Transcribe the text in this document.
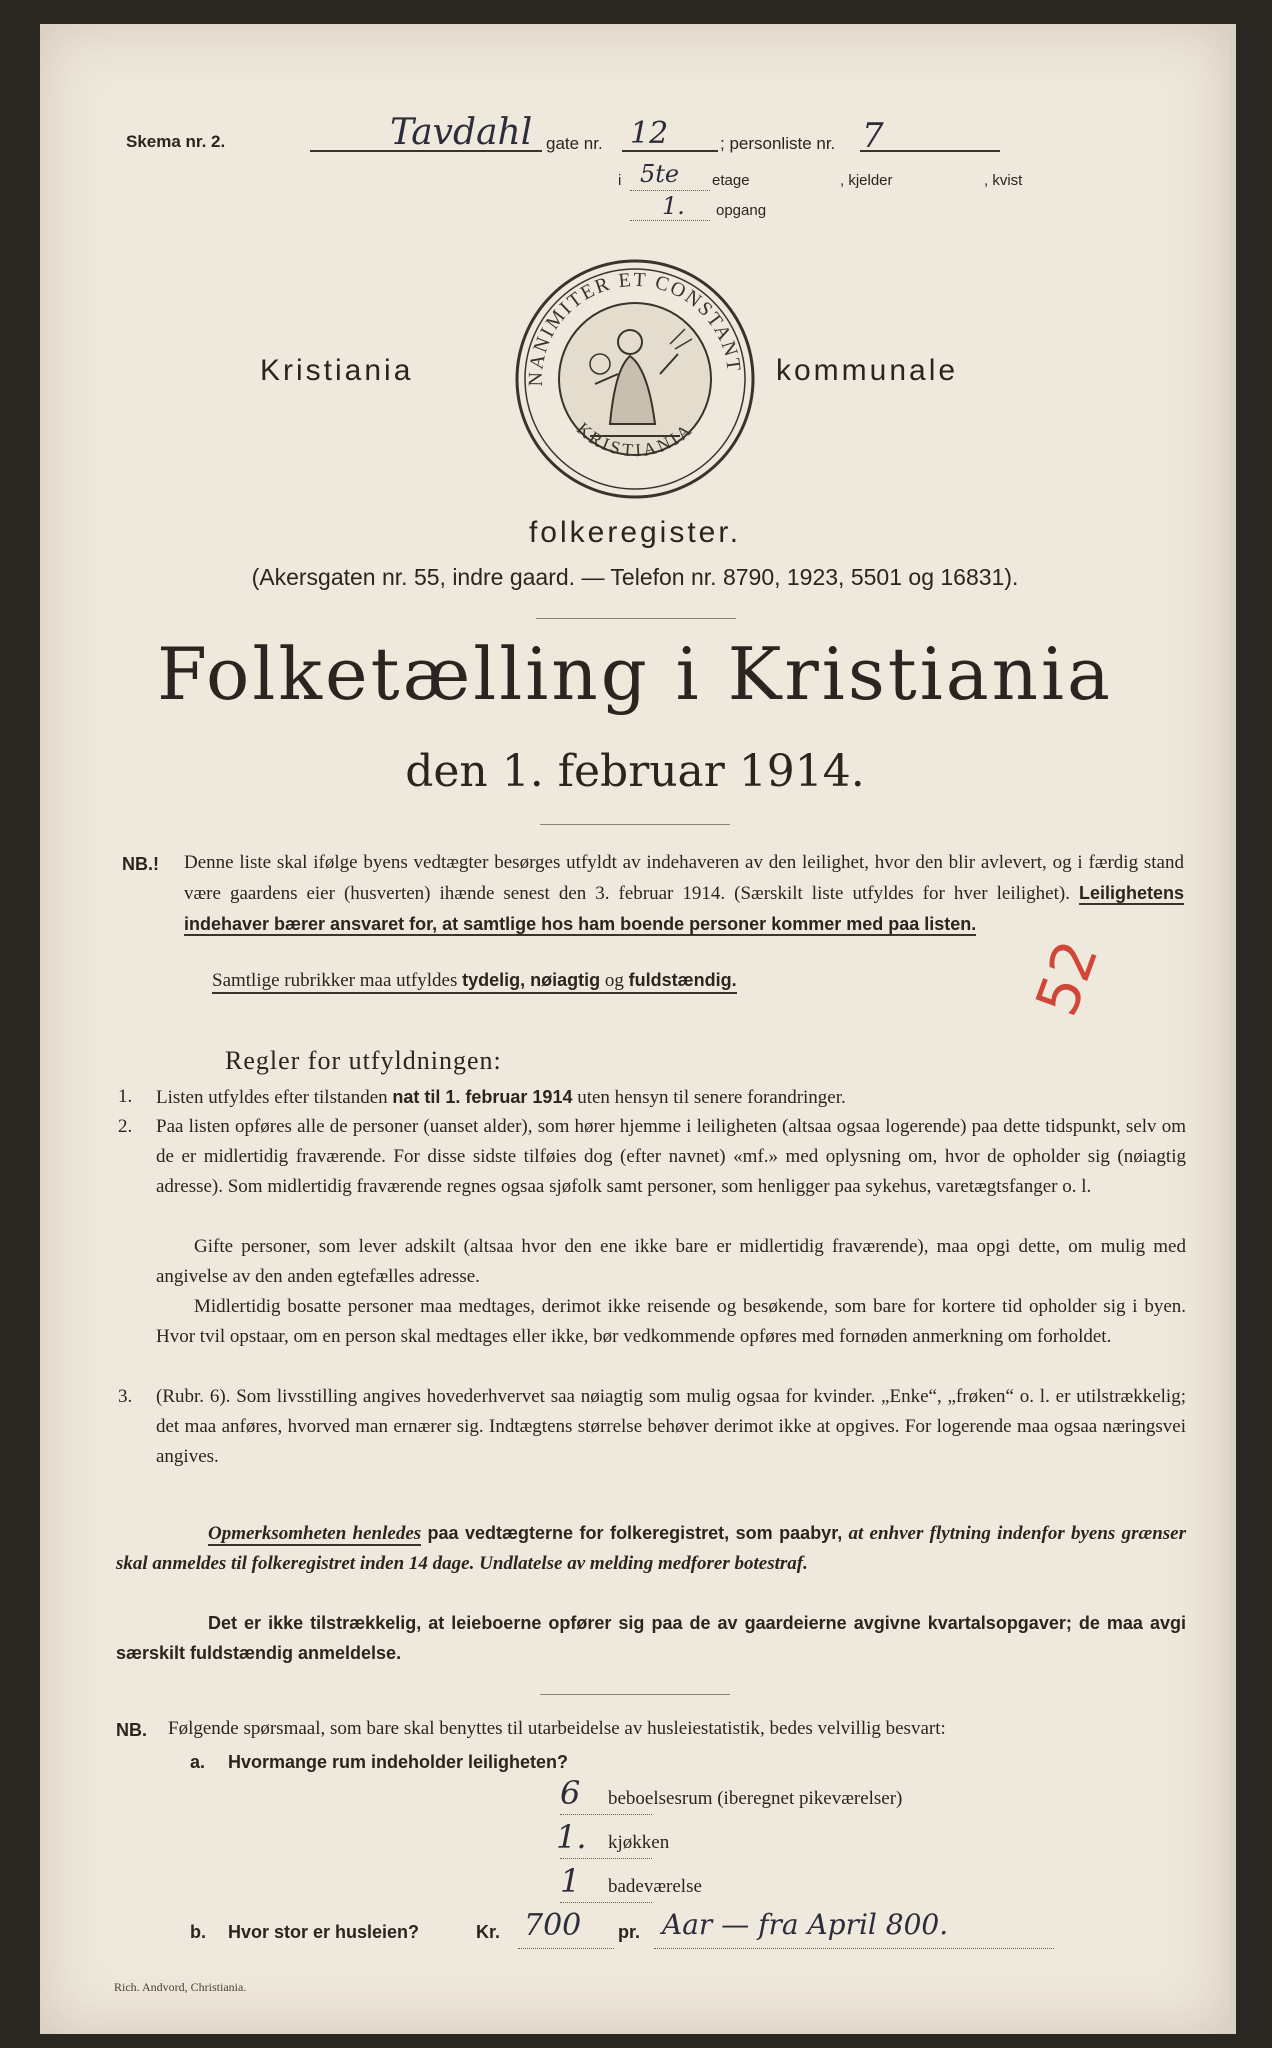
Skema nr. 2.	Tavdahl gate nr. 12	; personliste nr. 7
i 5te etage	, kjelder	, kvist
1. opgang
NANIMITER ET CONSTANT
KRISTIANIA
Kristiania	kommunale
folkeregister.
(Akersgaten nr. 55, indre gaard. — Telefon nr. 8790, 1923, 5501 og 16831).
Folketælling i Kristiania
den 1. februar 1914.
NB.! Denne liste skal ifølge byens vedtægter besørges utfyldt av indehaveren av den leilighet, hvor den blir avlevert, og i færdig stand være gaardens eier (husverten) ihænde senest den 3. februar 1914. (Særskilt liste utfyldes for hver leilighet). Leilighetens indehaver bærer ansvaret for, at samtlige hos ham boende personer kommer med paa listen.
Samtlige rubrikker maa utfyldes tydelig, nøiagtig og fuldstændig.	52
Regler for utfyldningen:
1. Listen utfyldes efter tilstanden nat til 1. februar 1914 uten hensyn til senere forandringer.
2. Paa listen opføres alle de personer (uanset alder), som hører hjemme i leiligheten (altsaa ogsaa logerende) paa dette tidspunkt, selv om de er midlertidig fraværende. For disse sidste tilføies dog (efter navnet) «mf.» med oplysning om, hvor de opholder sig (nøiagtig adresse). Som midlertidig fraværende regnes ogsaa sjøfolk samt personer, som henligger paa sykehus, varetægtsfanger o. l.
Gifte personer, som lever adskilt (altsaa hvor den ene ikke bare er midlertidig fraværende), maa opgi dette, om mulig med angivelse av den anden egtefælles adresse.
Midlertidig bosatte personer maa medtages, derimot ikke reisende og besøkende, som bare for kortere tid opholder sig i byen. Hvor tvil opstaar, om en person skal medtages eller ikke, bør vedkommende opføres med fornøden anmerkning om forholdet.
3. (Rubr. 6). Som livsstilling angives hovederhvervet saa nøiagtig som mulig ogsaa for kvinder. „Enke“, „frøken“ o. l. er utilstrækkelig; det maa anføres, hvorved man ernærer sig. Indtægtens størrelse behøver derimot ikke at opgives. For logerende maa ogsaa næringsvei angives.
Opmerksomheten henledes paa vedtægterne for folkeregistret, som paabyr, at enhver flytning indenfor byens grænser skal anmeldes til folkeregistret inden 14 dage. Undlatelse av melding medforer botestraf.
Det er ikke tilstrækkelig, at leieboerne opfører sig paa de av gaardeierne avgivne kvartalsopgaver; de maa avgi særskilt fuldstændig anmeldelse.
NB. Følgende spørsmaal, som bare skal benyttes til utarbeidelse av husleiestatistik, bedes velvillig besvart:
a. Hvormange rum indeholder leiligheten?
6 beboelsesrum (iberegnet pikeværelser)
1. kjøkken
1 badeværelse
b. Hvor stor er husleien?	Kr. 700 pr. Aar — fra April 800.
Rich. Andvord, Christiania.
